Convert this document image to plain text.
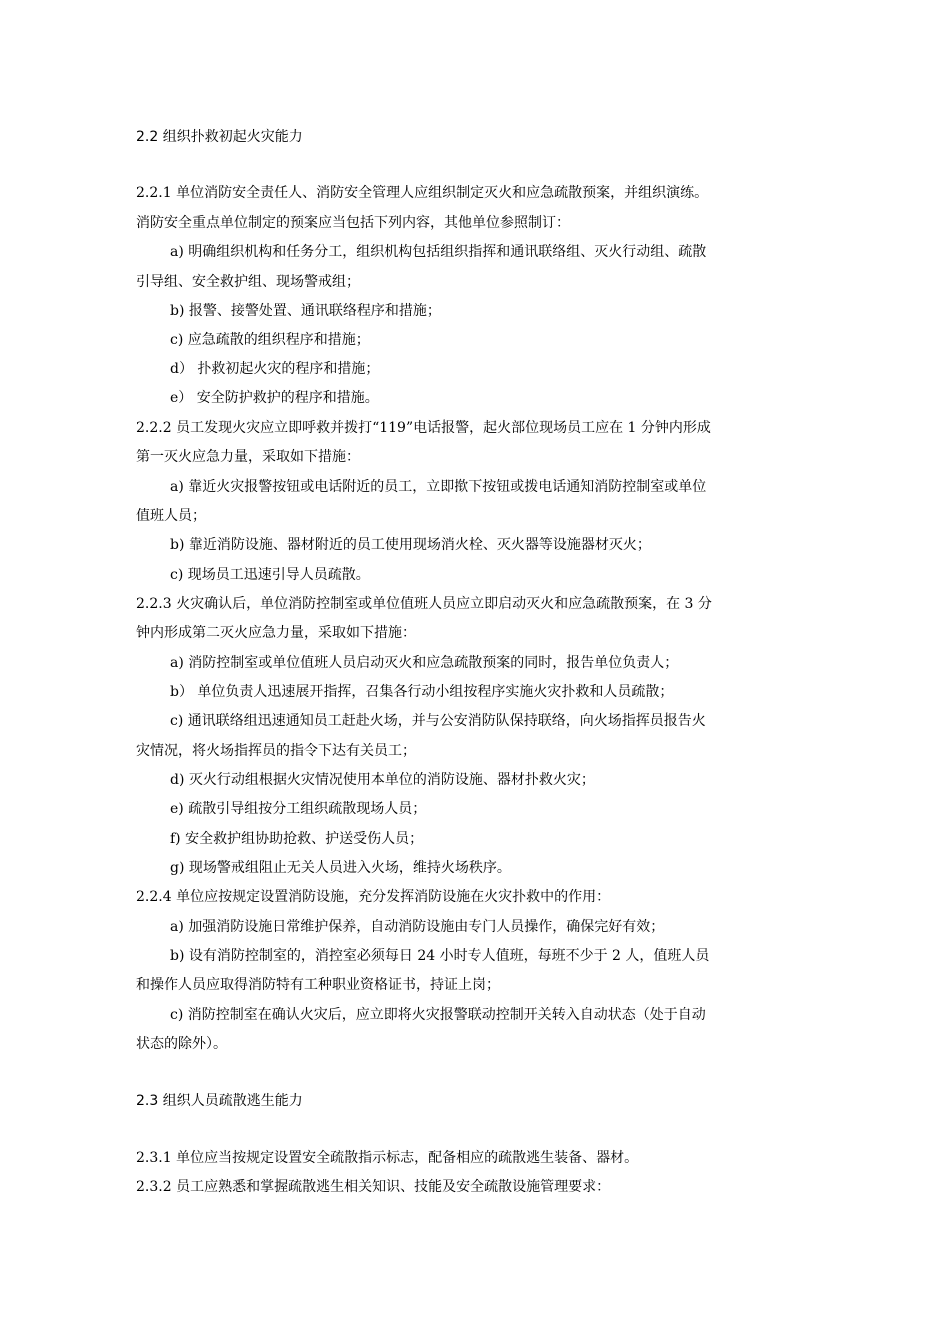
2.2 组织扑救初起火灾能力
2.2.1 单位消防安全责任人、消防安全管理人应组织制定灭火和应急疏散预案，并组织演练。
消防安全重点单位制定的预案应当包括下列内容，其他单位参照制订：
a) 明确组织机构和任务分工，组织机构包括组织指挥和通讯联络组、灭火行动组、疏散
引导组、安全救护组、现场警戒组；
b) 报警、接警处置、通讯联络程序和措施；
c) 应急疏散的组织程序和措施；
d） 扑救初起火灾的程序和措施；
e） 安全防护救护的程序和措施。
2.2.2 员工发现火灾应立即呼救并拨打“119”电话报警，起火部位现场员工应在 1 分钟内形成
第一灭火应急力量，采取如下措施：
a) 靠近火灾报警按钮或电话附近的员工，立即揿下按钮或拨电话通知消防控制室或单位
值班人员；
b) 靠近消防设施、器材附近的员工使用现场消火栓、灭火器等设施器材灭火；
c) 现场员工迅速引导人员疏散。
2.2.3 火灾确认后，单位消防控制室或单位值班人员应立即启动灭火和应急疏散预案，在 3 分
钟内形成第二灭火应急力量，采取如下措施：
a) 消防控制室或单位值班人员启动灭火和应急疏散预案的同时，报告单位负责人；
b） 单位负责人迅速展开指挥，召集各行动小组按程序实施火灾扑救和人员疏散；
c) 通讯联络组迅速通知员工赶赴火场，并与公安消防队保持联络，向火场指挥员报告火
灾情况，将火场指挥员的指令下达有关员工；
d) 灭火行动组根据火灾情况使用本单位的消防设施、器材扑救火灾；
e) 疏散引导组按分工组织疏散现场人员；
f) 安全救护组协助抢救、护送受伤人员；
g) 现场警戒组阻止无关人员进入火场，维持火场秩序。
2.2.4 单位应按规定设置消防设施，充分发挥消防设施在火灾扑救中的作用：
a) 加强消防设施日常维护保养，自动消防设施由专门人员操作，确保完好有效；
b) 设有消防控制室的，消控室必须每日 24 小时专人值班，每班不少于 2 人，值班人员
和操作人员应取得消防特有工种职业资格证书，持证上岗；
c) 消防控制室在确认火灾后，应立即将火灾报警联动控制开关转入自动状态（处于自动
状态的除外）。
2.3 组织人员疏散逃生能力
2.3.1 单位应当按规定设置安全疏散指示标志，配备相应的疏散逃生装备、器材。
2.3.2 员工应熟悉和掌握疏散逃生相关知识、技能及安全疏散设施管理要求：
